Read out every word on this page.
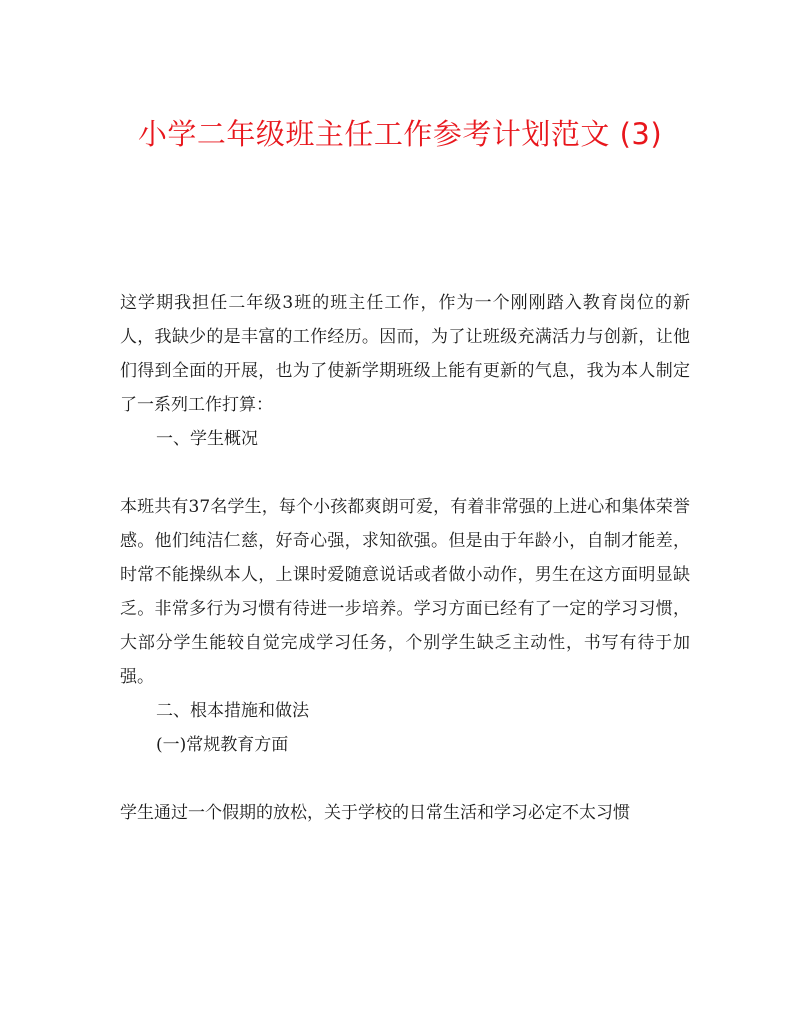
小学二年级班主任工作参考计划范文 (3)

这学期我担任二年级3班的班主任工作，作为一个刚刚踏入教育岗位的新人，我缺少的是丰富的工作经历。因而，为了让班级充满活力与创新，让他们得到全面的开展，也为了使新学期班级上能有更新的气息，我为本人制定了一系列工作打算：

一、学生概况

本班共有37名学生，每个小孩都爽朗可爱，有着非常强的上进心和集体荣誉感。他们纯洁仁慈，好奇心强，求知欲强。但是由于年龄小，自制才能差，时常不能操纵本人，上课时爱随意说话或者做小动作，男生在这方面明显缺乏。非常多行为习惯有待进一步培养。学习方面已经有了一定的学习习惯，大部分学生能较自觉完成学习任务，个别学生缺乏主动性，书写有待于加强。

二、根本措施和做法

(一)常规教育方面

学生通过一个假期的放松，关于学校的日常生活和学习必定不太习惯
